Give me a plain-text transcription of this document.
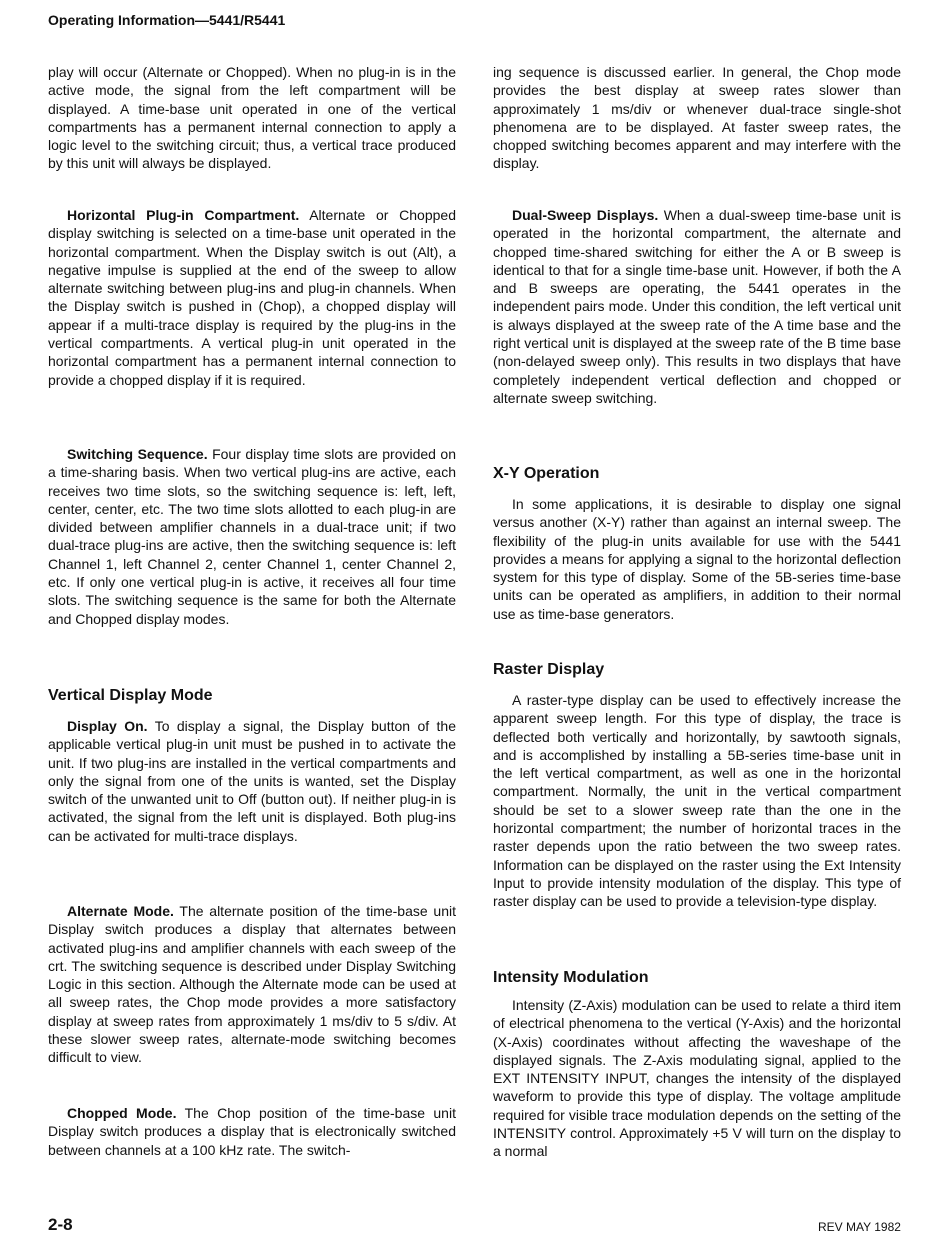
Operating Information—5441/R5441

play will occur (Alternate or Chopped). When no plug-in is in the active mode, the signal from the left compartment will be displayed. A time-base unit operated in one of the vertical compartments has a permanent internal connection to apply a logic level to the switching circuit; thus, a vertical trace produced by this unit will always be displayed.

Horizontal Plug-in Compartment. Alternate or Chopped display switching is selected on a time-base unit operated in the horizontal compartment. When the Display switch is out (Alt), a negative impulse is supplied at the end of the sweep to allow alternate switching between plug-ins and plug-in channels. When the Display switch is pushed in (Chop), a chopped display will appear if a multi-trace display is required by the plug-ins in the vertical compartments. A vertical plug-in unit operated in the horizontal compartment has a permanent internal connection to provide a chopped display if it is required.

Switching Sequence. Four display time slots are provided on a time-sharing basis. When two vertical plug-ins are active, each receives two time slots, so the switching sequence is: left, left, center, center, etc. The two time slots allotted to each plug-in are divided between amplifier channels in a dual-trace unit; if two dual-trace plug-ins are active, then the switching sequence is: left Channel 1, left Channel 2, center Channel 1, center Channel 2, etc. If only one vertical plug-in is active, it receives all four time slots. The switching sequence is the same for both the Alternate and Chopped display modes.

Vertical Display Mode

Display On. To display a signal, the Display button of the applicable vertical plug-in unit must be pushed in to activate the unit. If two plug-ins are installed in the vertical compartments and only the signal from one of the units is wanted, set the Display switch of the unwanted unit to Off (button out). If neither plug-in is activated, the signal from the left unit is displayed. Both plug-ins can be activated for multi-trace displays.

Alternate Mode. The alternate position of the time-base unit Display switch produces a display that alternates between activated plug-ins and amplifier channels with each sweep of the crt. The switching sequence is described under Display Switching Logic in this section. Although the Alternate mode can be used at all sweep rates, the Chop mode provides a more satisfactory display at sweep rates from approximately 1 ms/div to 5 s/div. At these slower sweep rates, alternate-mode switching becomes difficult to view.

Chopped Mode. The Chop position of the time-base unit Display switch produces a display that is electronically switched between channels at a 100 kHz rate. The switch-

ing sequence is discussed earlier. In general, the Chop mode provides the best display at sweep rates slower than approximately 1 ms/div or whenever dual-trace single-shot phenomena are to be displayed. At faster sweep rates, the chopped switching becomes apparent and may interfere with the display.

Dual-Sweep Displays. When a dual-sweep time-base unit is operated in the horizontal compartment, the alternate and chopped time-shared switching for either the A or B sweep is identical to that for a single time-base unit. However, if both the A and B sweeps are operating, the 5441 operates in the independent pairs mode. Under this condition, the left vertical unit is always displayed at the sweep rate of the A time base and the right vertical unit is displayed at the sweep rate of the B time base (non-delayed sweep only). This results in two displays that have completely independent vertical deflection and chopped or alternate sweep switching.

X-Y Operation

In some applications, it is desirable to display one signal versus another (X-Y) rather than against an internal sweep. The flexibility of the plug-in units available for use with the 5441 provides a means for applying a signal to the horizontal deflection system for this type of display. Some of the 5B-series time-base units can be operated as amplifiers, in addition to their normal use as time-base generators.

Raster Display

A raster-type display can be used to effectively increase the apparent sweep length. For this type of display, the trace is deflected both vertically and horizontally, by sawtooth signals, and is accomplished by installing a 5B-series time-base unit in the left vertical compartment, as well as one in the horizontal compartment. Normally, the unit in the vertical compartment should be set to a slower sweep rate than the one in the horizontal compartment; the number of horizontal traces in the raster depends upon the ratio between the two sweep rates. Information can be displayed on the raster using the Ext Intensity Input to provide intensity modulation of the display. This type of raster display can be used to provide a television-type display.

Intensity Modulation

Intensity (Z-Axis) modulation can be used to relate a third item of electrical phenomena to the vertical (Y-Axis) and the horizontal (X-Axis) coordinates without affecting the waveshape of the displayed signals. The Z-Axis modulating signal, applied to the EXT INTENSITY INPUT, changes the intensity of the displayed waveform to provide this type of display. The voltage amplitude required for visible trace modulation depends on the setting of the INTENSITY control. Approximately +5 V will turn on the display to a normal

2-8	REV MAY 1982
